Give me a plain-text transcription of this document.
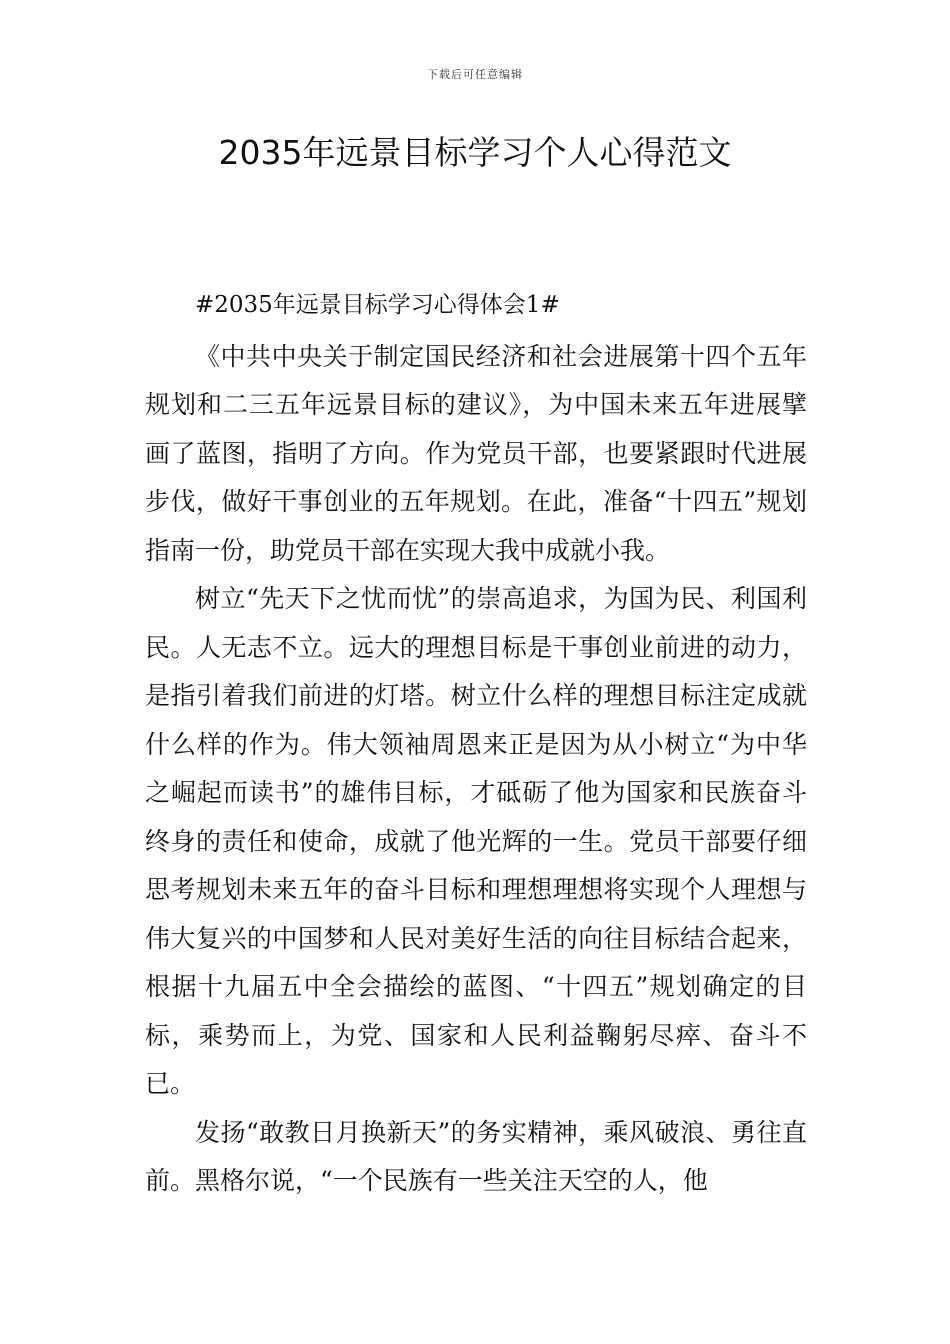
下载后可任意编辑
2035年远景目标学习个人心得范文
#2035年远景目标学习心得体会1#

《中共中央关于制定国民经济和社会进展第十四个五年规划和二三五年远景目标的建议》，为中国未来五年进展擘画了蓝图，指明了方向。作为党员干部，也要紧跟时代进展步伐，做好干事创业的五年规划。在此，准备“十四五”规划指南一份，助党员干部在实现大我中成就小我。

树立“先天下之忧而忧”的崇高追求，为国为民、利国利民。人无志不立。远大的理想目标是干事创业前进的动力，是指引着我们前进的灯塔。树立什么样的理想目标注定成就什么样的作为。伟大领袖周恩来正是因为从小树立“为中华之崛起而读书”的雄伟目标，才砥砺了他为国家和民族奋斗终身的责任和使命，成就了他光辉的一生。党员干部要仔细思考规划未来五年的奋斗目标和理想理想将实现个人理想与伟大复兴的中国梦和人民对美好生活的向往目标结合起来，根据十九届五中全会描绘的蓝图、“十四五”规划确定的目标，乘势而上，为党、国家和人民利益鞠躬尽瘁、奋斗不已。

发扬“敢教日月换新天”的务实精神，乘风破浪、勇往直前。黑格尔说，“一个民族有一些关注天空的人，他
